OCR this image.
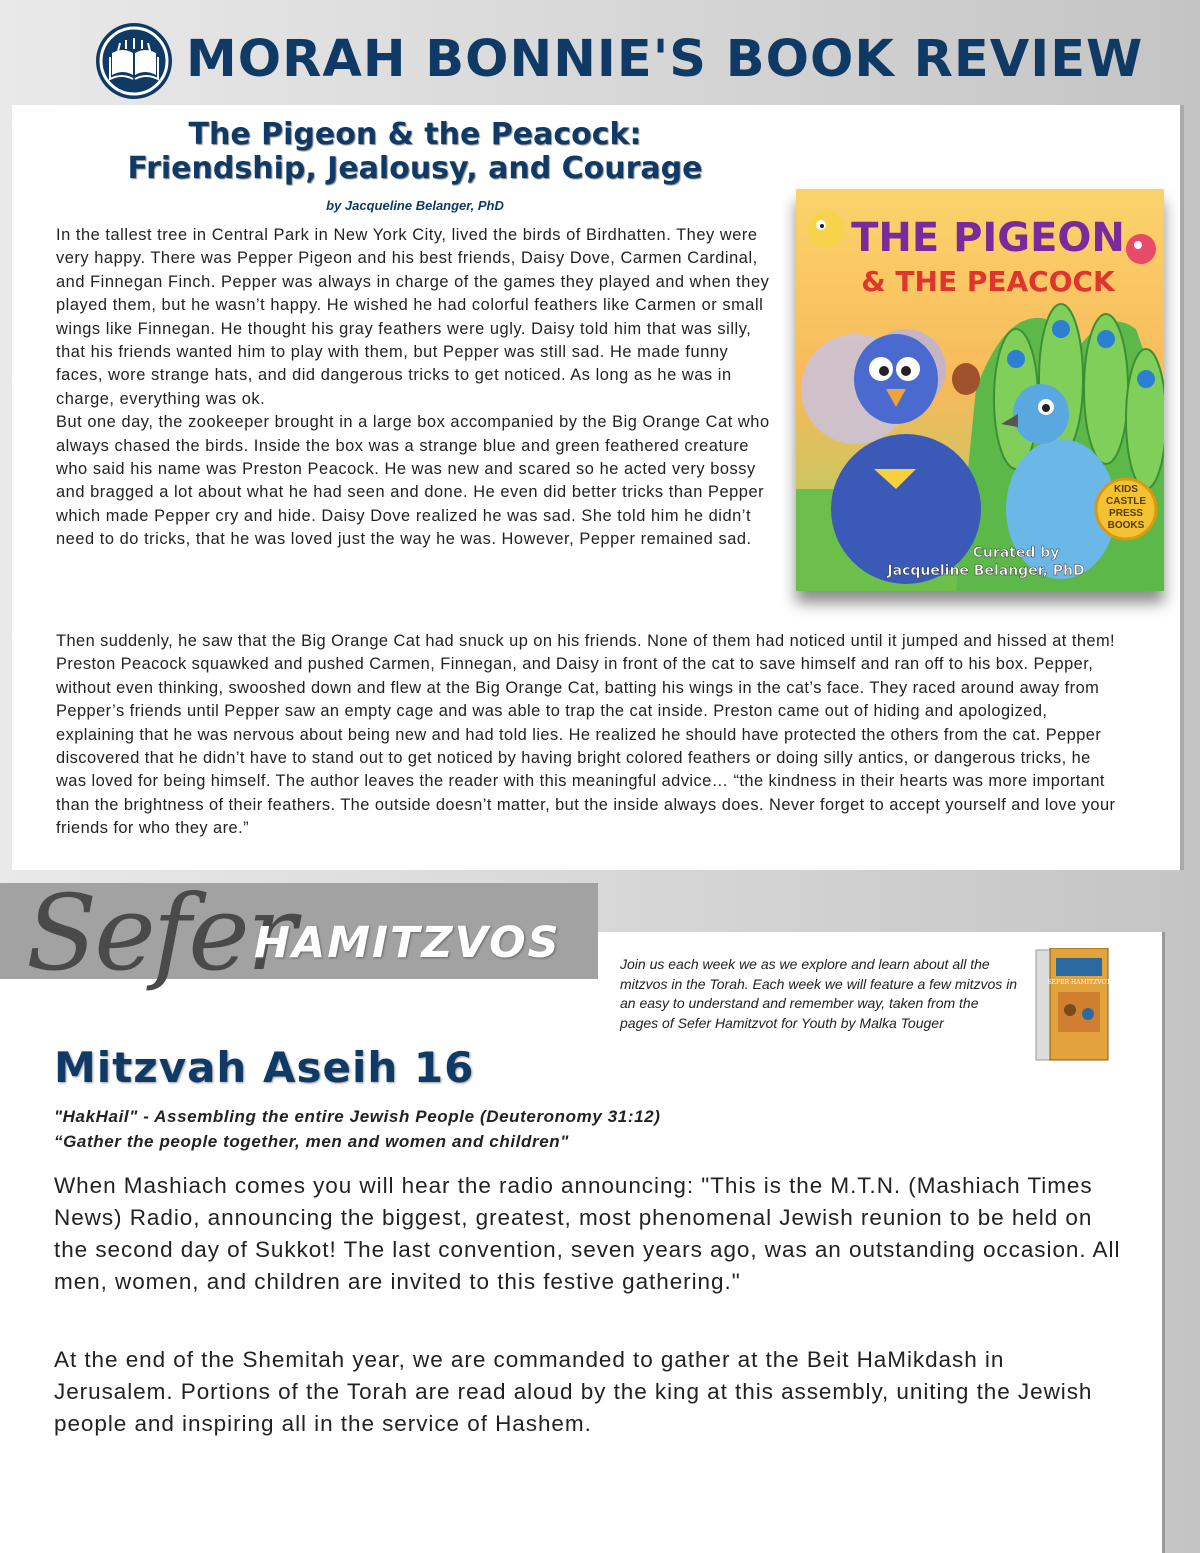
MORAH BONNIE'S BOOK REVIEW
The Pigeon & the Peacock:
Friendship, Jealousy, and Courage
by Jacqueline Belanger, PhD

In the tallest tree in Central Park in New York City, lived the birds of Birdhatten. They were very happy. There was Pepper Pigeon and his best friends, Daisy Dove, Carmen Cardinal, and Finnegan Finch. Pepper was always in charge of the games they played and when they played them, but he wasn’t happy. He wished he had colorful feathers like Carmen or small wings like Finnegan. He thought his gray feathers were ugly. Daisy told him that was silly, that his friends wanted him to play with them, but Pepper was still sad. He made funny faces, wore strange hats, and did dangerous tricks to get noticed. As long as he was in charge, everything was ok.

But one day, the zookeeper brought in a large box accompanied by the Big Orange Cat who always chased the birds. Inside the box was a strange blue and green feathered creature who said his name was Preston Peacock. He was new and scared so he acted very bossy and bragged a lot about what he had seen and done. He even did better tricks than Pepper which made Pepper cry and hide. Daisy Dove realized he was sad. She told him he didn’t need to do tricks, that he was loved just the way he was. However, Pepper remained sad.

KIDS
CASTLE
PRESS
BOOKS
THE PIGEON
& THE PEACOCK
Curated by
Jacqueline Belanger, PhD

Then suddenly, he saw that the Big Orange Cat had snuck up on his friends. None of them had noticed until it jumped and hissed at them! Preston Peacock squawked and pushed Carmen, Finnegan, and Daisy in front of the cat to save himself and ran off to his box. Pepper, without even thinking, swooshed down and flew at the Big Orange Cat, batting his wings in the cat’s face. They raced around away from Pepper’s friends until Pepper saw an empty cage and was able to trap the cat inside. Preston came out of hiding and apologized, explaining that he was nervous about being new and had told lies. He realized he should have protected the others from the cat. Pepper discovered that he didn’t have to stand out to get noticed by having bright colored feathers or doing silly antics, or dangerous tricks, he was loved for being himself. The author leaves the reader with this meaningful advice… “the kindness in their hearts was more important than the brightness of their feathers. The outside doesn’t matter, but the inside always does. Never forget to accept yourself and love your friends for who they are.”

Sefer
HAMITZVOS	Join us each week we as we explore and learn about all the mitzvos in the Torah. Each week we will feature a few mitzvos in an easy to understand and remember way, taken from the pages of Sefer Hamitzvot for Youth by Malka Touger
SEFER HAMITZVOT
Mitzvah Aseih 16
"HakHail" - Assembling the entire Jewish People (Deuteronomy 31:12)
“Gather the people together, men and women and children"
When Mashiach comes you will hear the radio announcing: "This is the M.T.N. (Mashiach Times News) Radio, announcing the biggest, greatest, most phenomenal Jewish reunion to be held on the second day of Sukkot! The last convention, seven years ago, was an outstanding occasion. All men, women, and children are invited to this festive gathering."
At the end of the Shemitah year, we are commanded to gather at the Beit HaMikdash in Jerusalem. Portions of the Torah are read aloud by the king at this assembly, uniting the Jewish people and inspiring all in the service of Hashem.
